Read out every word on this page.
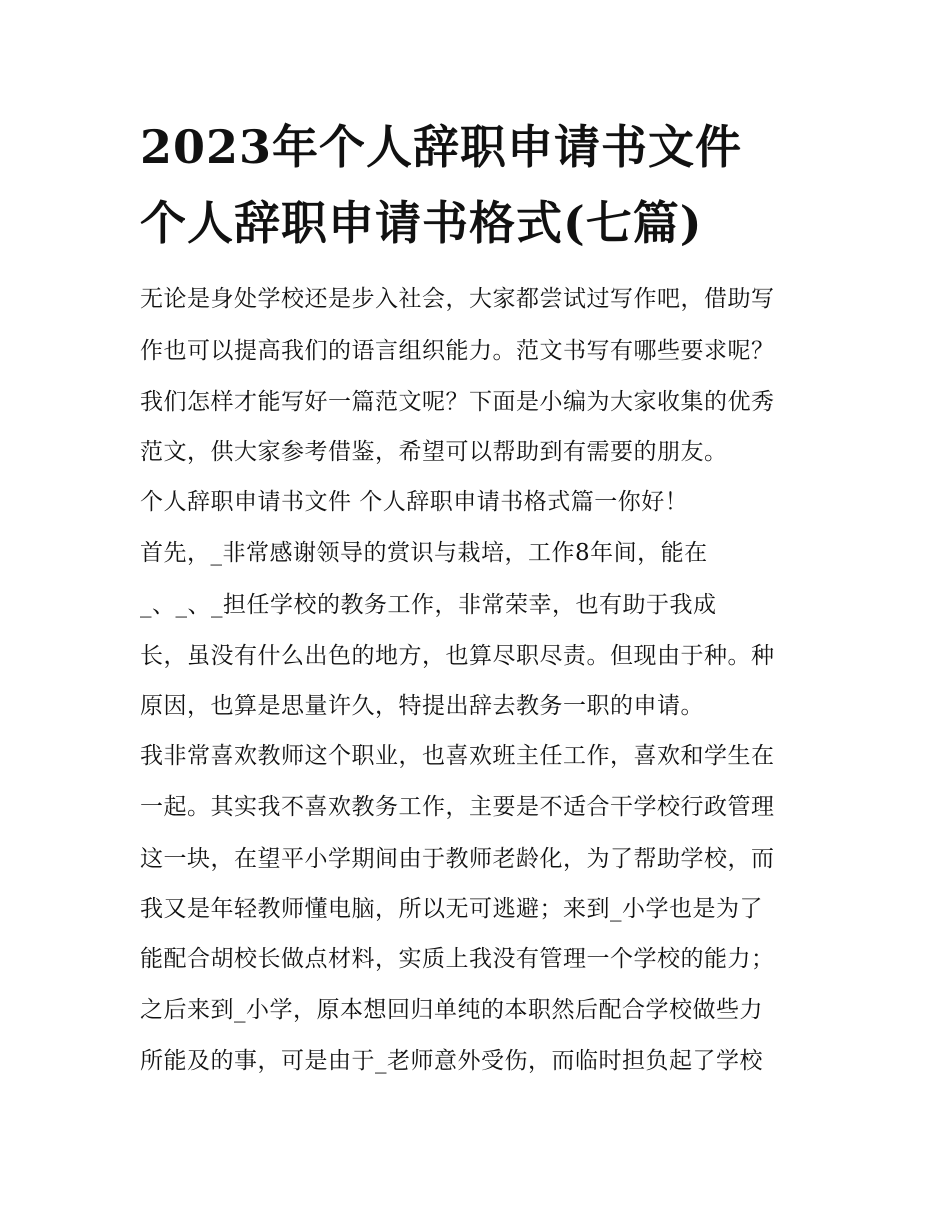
2023年个人辞职申请书文件
个人辞职申请书格式(七篇)

无论是身处学校还是步入社会，大家都尝试过写作吧，借助写

作也可以提高我们的语言组织能力。范文书写有哪些要求呢？

我们怎样才能写好一篇范文呢？下面是小编为大家收集的优秀

范文，供大家参考借鉴，希望可以帮助到有需要的朋友。

个人辞职申请书文件 个人辞职申请书格式篇一你好！

首先，_非常感谢领导的赏识与栽培，工作8年间，能在

_、_、_担任学校的教务工作，非常荣幸，也有助于我成

长，虽没有什么出色的地方，也算尽职尽责。但现由于种。种

原因，也算是思量许久，特提出辞去教务一职的申请。

我非常喜欢教师这个职业，也喜欢班主任工作，喜欢和学生在

一起。其实我不喜欢教务工作，主要是不适合干学校行政管理

这一块，在望平小学期间由于教师老龄化，为了帮助学校，而

我又是年轻教师懂电脑，所以无可逃避；来到_小学也是为了

能配合胡校长做点材料，实质上我没有管理一个学校的能力；

之后来到_小学，原本想回归单纯的本职然后配合学校做些力

所能及的事，可是由于_老师意外受伤，而临时担负起了学校
